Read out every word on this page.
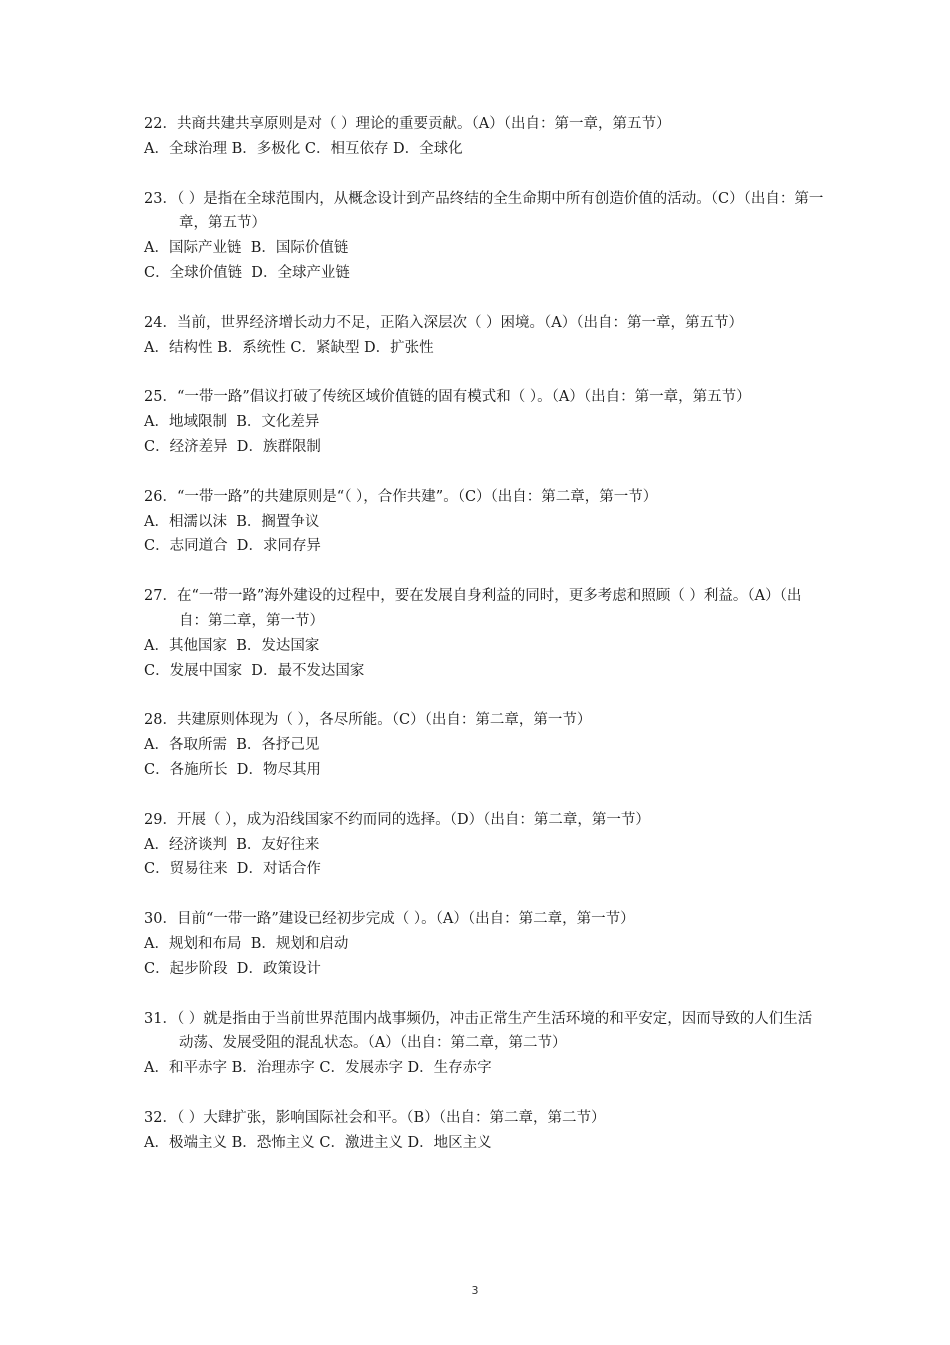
22．共商共建共享原则是对（ ）理论的重要贡献。（A）（出自：第一章，第五节）
A．全球治理 B．多极化 C．相互依存 D．全球化
23．（ ）是指在全球范围内，从概念设计到产品终结的全生命期中所有创造价值的活动。（C）（出自：第一章，第五节）
A．国际产业链  B．国际价值链
C．全球价值链  D．全球产业链
24．当前，世界经济增长动力不足，正陷入深层次（ ）困境。（A）（出自：第一章，第五节）
A．结构性 B．系统性 C．紧缺型 D．扩张性
25．“一带一路”倡议打破了传统区域价值链的固有模式和（ ）。（A）（出自：第一章，第五节）
A．地域限制  B．文化差异
C．经济差异  D．族群限制
26．“一带一路”的共建原则是“（ ），合作共建”。（C）（出自：第二章，第一节）
A．相濡以沫  B．搁置争议
C．志同道合  D．求同存异
27．在“一带一路”海外建设的过程中，要在发展自身利益的同时，更多考虑和照顾（ ）利益。（A）（出自：第二章，第一节）
A．其他国家  B．发达国家
C．发展中国家  D．最不发达国家
28．共建原则体现为（ ），各尽所能。（C）（出自：第二章，第一节）
A．各取所需  B．各抒己见
C．各施所长  D．物尽其用
29．开展（ ），成为沿线国家不约而同的选择。（D）（出自：第二章，第一节）
A．经济谈判  B．友好往来
C．贸易往来  D．对话合作
30．目前“一带一路”建设已经初步完成（ ）。（A）（出自：第二章，第一节）
A．规划和布局  B．规划和启动
C．起步阶段  D．政策设计
31．（ ）就是指由于当前世界范围内战事频仍，冲击正常生产生活环境的和平安定，因而导致的人们生活动荡、发展受阻的混乱状态。（A）（出自：第二章，第二节）
A．和平赤字 B．治理赤字 C．发展赤字 D．生存赤字
32．（ ）大肆扩张，影响国际社会和平。（B）（出自：第二章，第二节）
A．极端主义 B．恐怖主义 C．激进主义 D．地区主义
3
